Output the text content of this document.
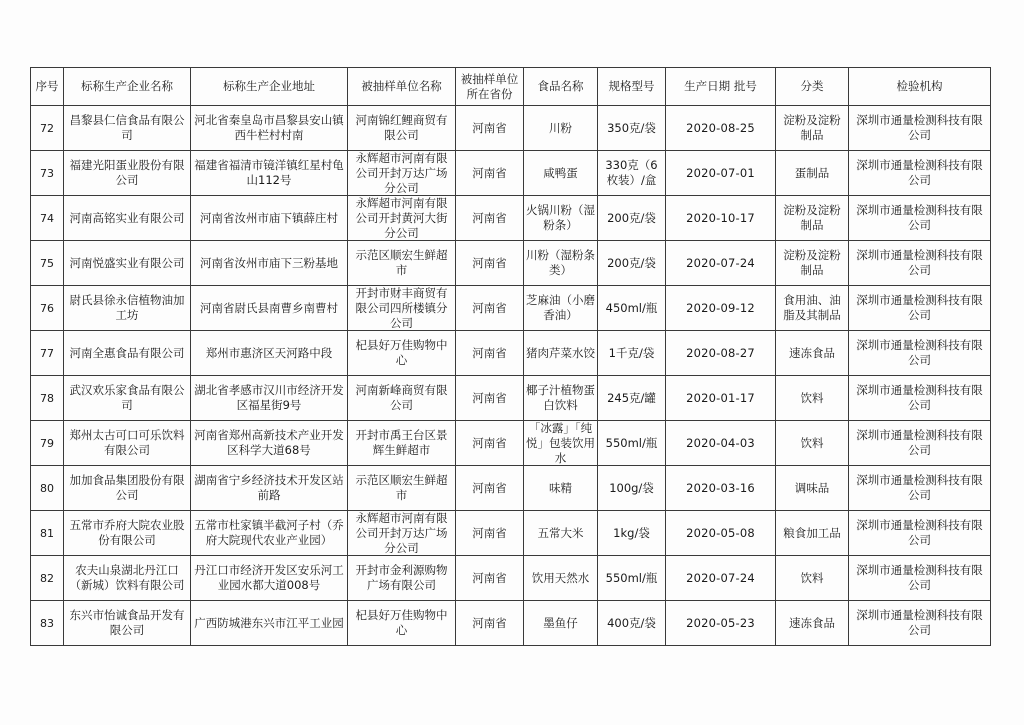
序号	标称生产企业名称	标称生产企业地址	被抽样单位名称	被抽样单位所在省份	食品名称	规格型号	生产日期 批号	分类	检验机构

72	昌黎县仁信食品有限公司	河北省秦皇岛市昌黎县安山镇西牛栏村村南	河南锦红鲤商贸有限公司	河南省	川粉	350克/袋	2020-08-25	淀粉及淀粉制品	深圳市通量检测科技有限公司

73	福建光阳蛋业股份有限公司	福建省福清市镜洋镇红星村龟山112号	永辉超市河南有限公司开封万达广场分公司	河南省	咸鸭蛋	330克（6枚装）/盒	2020-07-01	蛋制品	深圳市通量检测科技有限公司

74	河南高铭实业有限公司	河南省汝州市庙下镇薛庄村	永辉超市河南有限公司开封黄河大街分公司	河南省	火锅川粉（湿粉条）	200克/袋	2020-10-17	淀粉及淀粉制品	深圳市通量检测科技有限公司

75	河南悦盛实业有限公司	河南省汝州市庙下三粉基地	示范区顺宏生鲜超市	河南省	川粉（湿粉条类）	200克/袋	2020-07-24	淀粉及淀粉制品	深圳市通量检测科技有限公司

76	尉氏县徐永信植物油加工坊	河南省尉氏县南曹乡南曹村	开封市财丰商贸有限公司四所楼镇分公司	河南省	芝麻油（小磨香油）	450ml/瓶	2020-09-12	食用油、油脂及其制品	深圳市通量检测科技有限公司

77	河南全惠食品有限公司	郑州市惠济区天河路中段	杞县好万佳购物中心	河南省	猪肉芹菜水饺	1千克/袋	2020-08-27	速冻食品	深圳市通量检测科技有限公司

78	武汉欢乐家食品有限公司	湖北省孝感市汉川市经济开发区福星街9号	河南新峰商贸有限公司	河南省	椰子汁植物蛋白饮料	245克/罐	2020-01-17	饮料	深圳市通量检测科技有限公司

79	郑州太古可口可乐饮料有限公司	河南省郑州高新技术产业开发区科学大道68号	开封市禹王台区景辉生鲜超市	河南省	「冰露」「纯悦」包装饮用水	550ml/瓶	2020-04-03	饮料	深圳市通量检测科技有限公司

80	加加食品集团股份有限公司	湖南省宁乡经济技术开发区站前路	示范区顺宏生鲜超市	河南省	味精	100g/袋	2020-03-16	调味品	深圳市通量检测科技有限公司

81	五常市乔府大院农业股份有限公司	五常市杜家镇半截河子村（乔府大院现代农业产业园）	永辉超市河南有限公司开封万达广场分公司	河南省	五常大米	1kg/袋	2020-05-08	粮食加工品	深圳市通量检测科技有限公司

82	农夫山泉湖北丹江口（新城）饮料有限公司	丹江口市经济开发区安乐河工业园水都大道008号	开封市金利源购物广场有限公司	河南省	饮用天然水	550ml/瓶	2020-07-24	饮料	深圳市通量检测科技有限公司

83	东兴市怡诚食品开发有限公司	广西防城港东兴市江平工业园	杞县好万佳购物中心	河南省	墨鱼仔	400克/袋	2020-05-23	速冻食品	深圳市通量检测科技有限公司
